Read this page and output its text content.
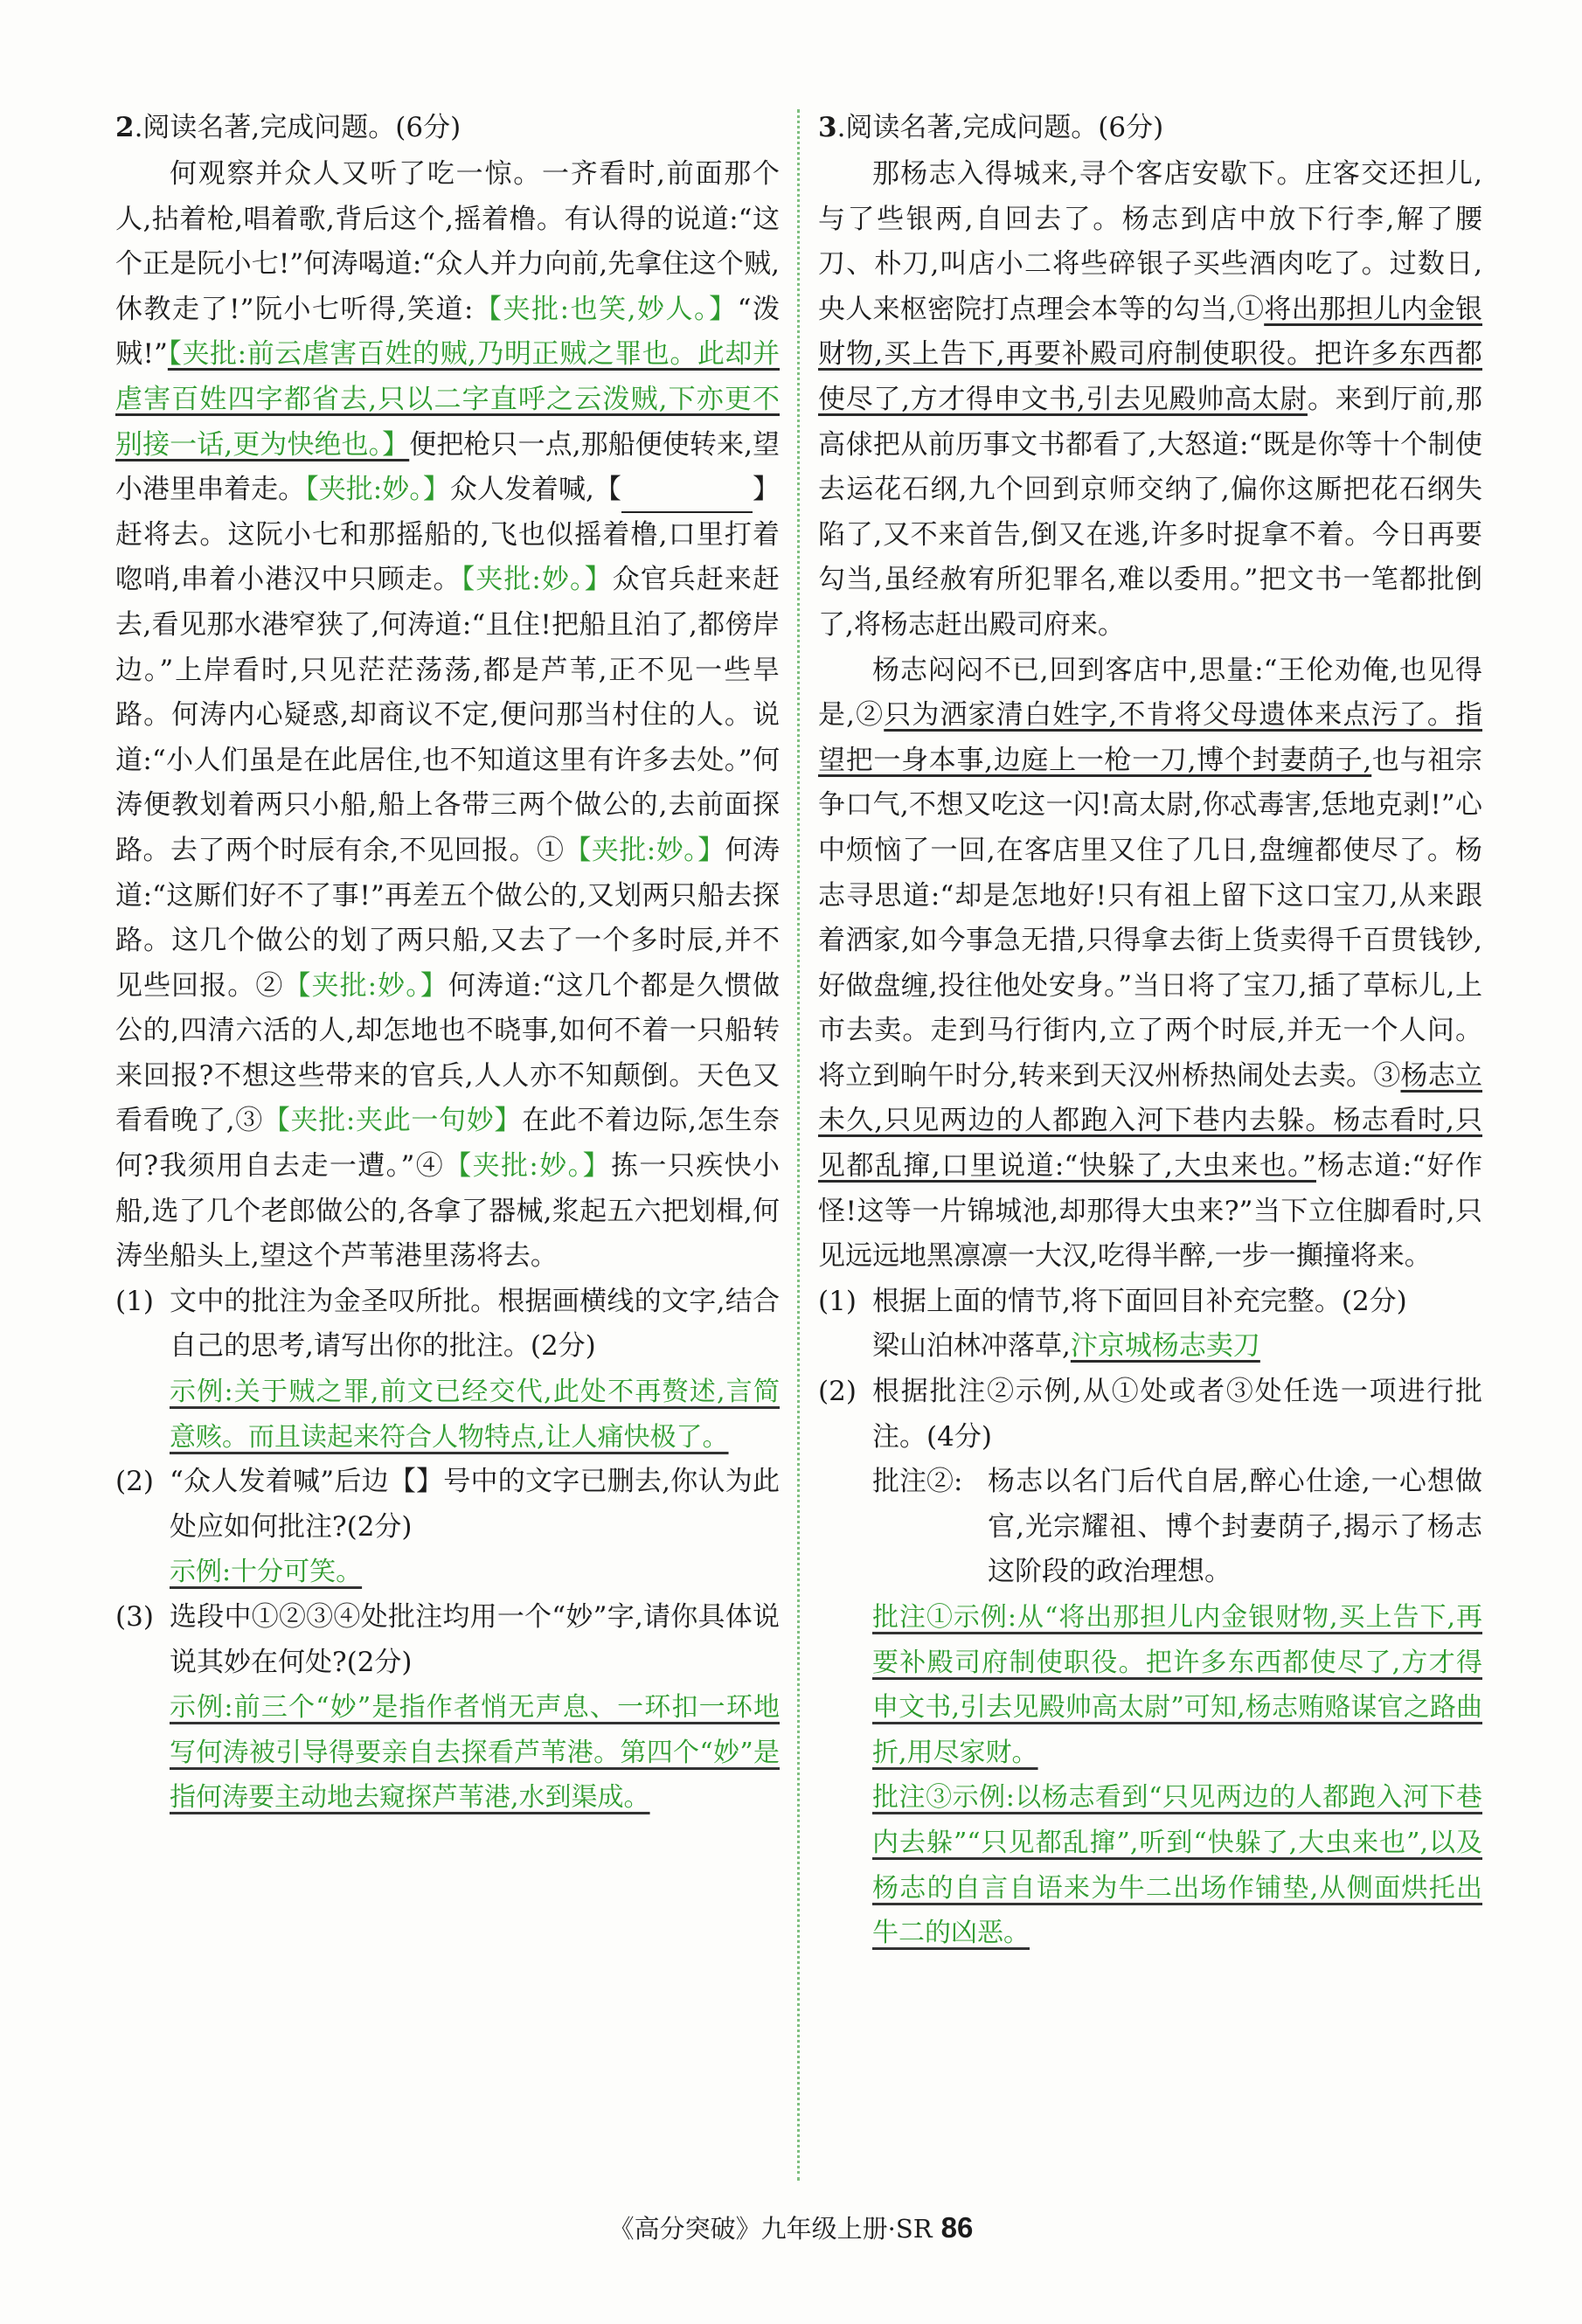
2.阅读名著,完成问题。(6分)

何观察并众人又听了吃一惊。一齐看时,前面那个人,拈着枪,唱着歌,背后这个,摇着橹。有认得的说道:“这个正是阮小七!”何涛喝道:“众人并力向前,先拿住这个贼,休教走了!”阮小七听得,笑道:【夹批:也笑,妙人。】“泼贼!”【夹批:前云虐害百姓的贼,乃明正贼之罪也。此却并虐害百姓四字都省去,只以二字直呼之云泼贼,下亦更不别接一话,更为快绝也。】便把枪只一点,那船便使转来,望小港里串着走。【夹批:妙。】众人发着喊,【	】赶将去。这阮小七和那摇船的,飞也似摇着橹,口里打着唿哨,串着小港汉中只顾走。【夹批:妙。】众官兵赶来赶去,看见那水港窄狭了,何涛道:“且住!把船且泊了,都傍岸边。”上岸看时,只见茫茫荡荡,都是芦苇,正不见一些旱路。何涛内心疑惑,却商议不定,便问那当村住的人。说道:“小人们虽是在此居住,也不知道这里有许多去处。”何涛便教划着两只小船,船上各带三两个做公的,去前面探路。去了两个时辰有余,不见回报。①【夹批:妙。】何涛道:“这厮们好不了事!”再差五个做公的,又划两只船去探路。这几个做公的划了两只船,又去了一个多时辰,并不见些回报。②【夹批:妙。】何涛道:“这几个都是久惯做公的,四清六活的人,却怎地也不晓事,如何不着一只船转来回报?不想这些带来的官兵,人人亦不知颠倒。天色又看看晚了,③【夹批:夹此一句妙】在此不着边际,怎生奈何?我须用自去走一遭。”④【夹批:妙。】拣一只疾快小船,选了几个老郎做公的,各拿了器械,浆起五六把划楫,何涛坐船头上,望这个芦苇港里荡将去。

(1) 文中的批注为金圣叹所批。根据画横线的文字,结合自己的思考,请写出你的批注。(2分)

示例:关于贼之罪,前文已经交代,此处不再赘述,言简意赅。而且读起来符合人物特点,让人痛快极了。

(2) “众人发着喊”后边【】号中的文字已删去,你认为此处应如何批注?(2分)

示例:十分可笑。

(3) 选段中①②③④处批注均用一个“妙”字,请你具体说说其妙在何处?(2分)

示例:前三个“妙”是指作者悄无声息、一环扣一环地写何涛被引导得要亲自去探看芦苇港。第四个“妙”是指何涛要主动地去窥探芦苇港,水到渠成。

3.阅读名著,完成问题。(6分)

那杨志入得城来,寻个客店安歇下。庄客交还担儿,与了些银两,自回去了。杨志到店中放下行李,解了腰刀、朴刀,叫店小二将些碎银子买些酒肉吃了。过数日,央人来枢密院打点理会本等的勾当,①将出那担儿内金银财物,买上告下,再要补殿司府制使职役。把许多东西都使尽了,方才得申文书,引去见殿帅高太尉。来到厅前,那高俅把从前历事文书都看了,大怒道:“既是你等十个制使去运花石纲,九个回到京师交纳了,偏你这厮把花石纲失陷了,又不来首告,倒又在逃,许多时捉拿不着。今日再要勾当,虽经赦宥所犯罪名,难以委用。”把文书一笔都批倒了,将杨志赶出殿司府来。

杨志闷闷不已,回到客店中,思量:“王伦劝俺,也见得是,②只为洒家清白姓字,不肯将父母遗体来点污了。指望把一身本事,边庭上一枪一刀,博个封妻荫子,也与祖宗争口气,不想又吃这一闪!高太尉,你忒毒害,恁地克剥!”心中烦恼了一回,在客店里又住了几日,盘缠都使尽了。杨志寻思道:“却是怎地好!只有祖上留下这口宝刀,从来跟着洒家,如今事急无措,只得拿去街上货卖得千百贯钱钞,好做盘缠,投往他处安身。”当日将了宝刀,插了草标儿,上市去卖。走到马行街内,立了两个时辰,并无一个人问。将立到晌午时分,转来到天汉州桥热闹处去卖。③杨志立未久,只见两边的人都跑入河下巷内去躲。杨志看时,只见都乱撺,口里说道:“快躲了,大虫来也。”杨志道:“好作怪!这等一片锦城池,却那得大虫来?”当下立住脚看时,只见远远地黑凛凛一大汉,吃得半醉,一步一攧撞将来。

(1) 根据上面的情节,将下面回目补充完整。(2分)
梁山泊林冲落草,汴京城杨志卖刀
(2) 根据批注②示例,从①处或者③处任选一项进行批注。(4分)
批注②: 杨志以名门后代自居,醉心仕途,一心想做官,光宗耀祖、博个封妻荫子,揭示了杨志这阶段的政治理想。

批注①示例:从“将出那担儿内金银财物,买上告下,再要补殿司府制使职役。把许多东西都使尽了,方才得申文书,引去见殿帅高太尉”可知,杨志贿赂谋官之路曲折,用尽家财。

批注③示例:以杨志看到“只见两边的人都跑入河下巷内去躲”“只见都乱撺”,听到“快躲了,大虫来也”,以及杨志的自言自语来为牛二出场作铺垫,从侧面烘托出牛二的凶恶。

《高分突破》九年级上册·SR 86
